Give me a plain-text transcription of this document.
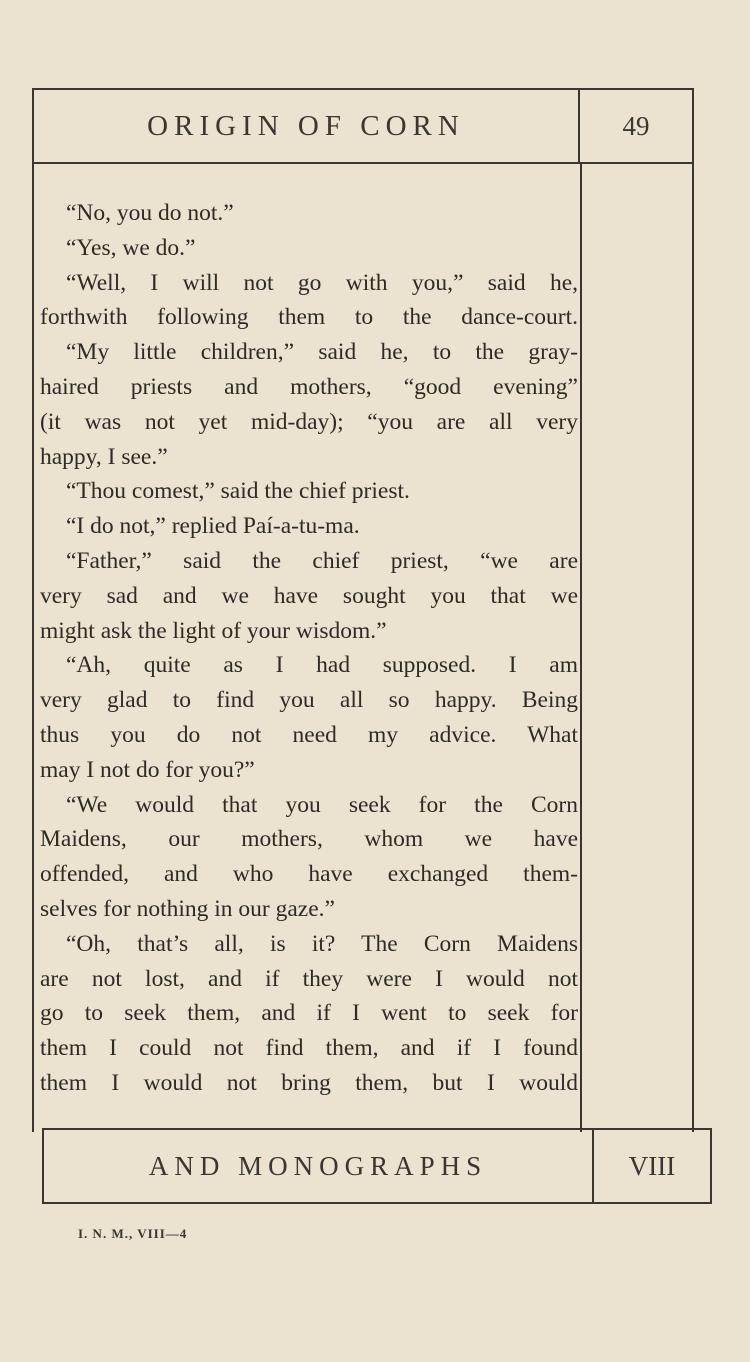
ORIGIN OF CORN	49
“No, you do not.”
“Yes, we do.”
“Well, I will not go with you,” said he,
forthwith following them to the dance-court.
“My little children,” said he, to the gray-
haired priests and mothers, “good evening”
(it was not yet mid-day); “you are all very
happy, I see.”
“Thou comest,” said the chief priest.
“I do not,” replied Paí-a-tu-ma.
“Father,” said the chief priest, “we are
very sad and we have sought you that we
might ask the light of your wisdom.”
“Ah, quite as I had supposed. I am
very glad to find you all so happy. Being
thus you do not need my advice. What
may I not do for you?”
“We would that you seek for the Corn
Maidens, our mothers, whom we have
offended, and who have exchanged them-
selves for nothing in our gaze.”
“Oh, that’s all, is it? The Corn Maidens
are not lost, and if they were I would not
go to seek them, and if I went to seek for
them I could not find them, and if I found
them I would not bring them, but I would
AND MONOGRAPHS	VIII
I. N. M., VIII—4
